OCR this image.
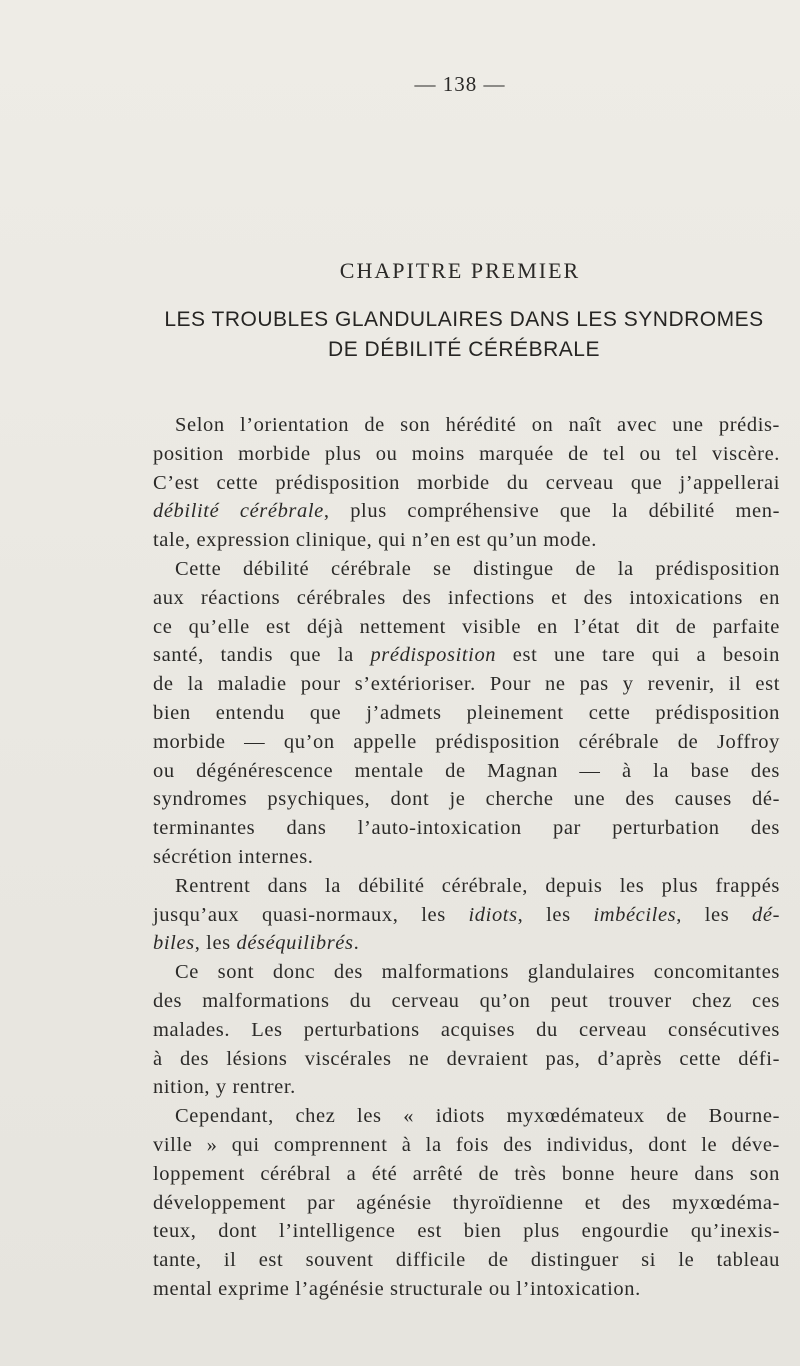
— 138 —
CHAPITRE PREMIER
LES TROUBLES GLANDULAIRES DANS LES SYNDROMES
DE DÉBILITÉ CÉRÉBRALE
Selon l’orientation de son hérédité on naît avec une prédis-
position morbide plus ou moins marquée de tel ou tel viscère.
C’est cette prédisposition morbide du cerveau que j’appellerai
débilité cérébrale, plus compréhensive que la débilité men-
tale, expression clinique, qui n’en est qu’un mode.
Cette débilité cérébrale se distingue de la prédisposition
aux réactions cérébrales des infections et des intoxications en
ce qu’elle est déjà nettement visible en l’état dit de parfaite
santé, tandis que la prédisposition est une tare qui a besoin
de la maladie pour s’extérioriser. Pour ne pas y revenir, il est
bien entendu que j’admets pleinement cette prédisposition
morbide — qu’on appelle prédisposition cérébrale de Joffroy
ou dégénérescence mentale de Magnan — à la base des
syndromes psychiques, dont je cherche une des causes dé-
terminantes dans l’auto-intoxication par perturbation des
sécrétion internes.
Rentrent dans la débilité cérébrale, depuis les plus frappés
jusqu’aux quasi-normaux, les idiots, les imbéciles, les dé-
biles, les déséquilibrés.
Ce sont donc des malformations glandulaires concomitantes
des malformations du cerveau qu’on peut trouver chez ces
malades. Les perturbations acquises du cerveau consécutives
à des lésions viscérales ne devraient pas, d’après cette défi-
nition, y rentrer.
Cependant, chez les « idiots myxœdémateux de Bourne-
ville » qui comprennent à la fois des individus, dont le déve-
loppement cérébral a été arrêté de très bonne heure dans son
développement par agénésie thyroïdienne et des myxœdéma-
teux, dont l’intelligence est bien plus engourdie qu’inexis-
tante, il est souvent difficile de distinguer si le tableau
mental exprime l’agénésie structurale ou l’intoxication.
